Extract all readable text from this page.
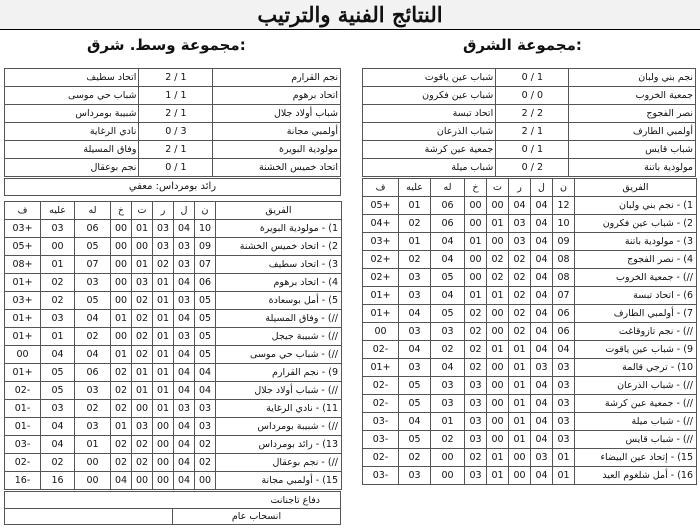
النتائج الفنية والترتيب
مجموعة وسط. شرق:	مجموعة الشرق:
نجم القرارم	1 / 2	اتحاد سطيف
اتحاد برهوم	1 / 1	شباب حي موسى
شباب أولاد جلال	1 / 2	شبيبة بومرداس
أولمبي مجانة	3 / 0	نادي الرغاية
مولودية البويرة	1 / 2	وفاق المسيلة
اتحاد خميس الخشنة	1 / 0	نجم بوعقال
نجم بني ولبان	1 / 0	شباب عين ياقوت
جمعية الخروب	0 / 0	شباب عين فكرون
نصر الفجوج	2 / 2	اتحاد تبسة
أولمبي الطارف	1 / 2	شباب الذرعان
شباب قايس	1 / 0	جمعية عين كرشة
مولودية باتنة	2 / 0	شباب ميلة
رائد بومرداس: معفي
الفريق	ن	ل	ر	ت	خ	له	عليه	ف
1) - مولودية البويرة	10	04	03	01	00	06	03	+03
2) - اتحاد خميس الخشنة	09	03	03	00	00	05	00	+05
3) - اتحاد سطيف	07	03	02	01	00	07	01	+08
4) - اتحاد برهوم	06	04	01	03	00	03	02	+01
5) - أمل بوسعادة	05	03	01	02	00	05	02	+03
//) - وفاق المسيلة	05	04	01	02	01	04	03	+01
//) - شبيبة جيجل	05	03	01	02	00	02	01	+01
//) - شباب حي موسى	05	04	01	02	01	04	04	00
9) - نجم القرارم	04	04	01	01	02	06	05	+01
//) - شباب أولاد جلال	04	04	01	01	02	03	05	-02
11) - نادي الرغاية	03	03	01	00	02	02	03	-01
//) - شبيبة بومرداس	03	04	00	03	01	03	04	-01
13) - رائد بومرداس	02	04	00	02	02	01	04	-03
//) - نجم بوعقال	02	04	00	02	02	00	02	-02
15) - أولمبي مجانة	00	04	00	00	04	00	16	-16
الفريق	ن	ل	ر	ت	خ	له	عليه	ف
1) - نجم بني ولبان	12	04	04	00	00	06	01	+05
2) - شباب عين فكرون	10	04	03	01	00	06	02	+04
3) - مولودية باتنة	09	04	03	00	01	04	01	+03
4) - نصر الفجوج	08	04	02	02	00	04	02	+02
//) - جمعية الخروب	08	04	02	02	00	05	03	+02
6) - اتحاد تبسة	07	04	02	01	01	04	03	+01
7) - أولمبي الطارف	06	04	02	00	02	05	04	+01
//) - نجم تازوقاغت	06	04	02	00	02	03	03	00
9) - شباب عين ياقوت	04	04	01	01	02	02	04	-02
10) - ترجي قالمة	03	03	01	00	02	04	03	+01
//) - شباب الذرعان	03	04	01	00	03	03	05	-02
//) - جمعية عين كرشة	03	04	01	00	03	03	05	-02
//) - شباب ميلة	03	04	01	00	03	01	04	-03
//) - شباب قايس	03	04	01	00	03	02	05	-03
15) - إتحاد عين البيضاء	01	03	00	01	02	00	02	-02
16) - أمل شلغوم العيد	01	04	00	01	03	00	03	-03
دفاع تاجنانت
انسحاب عام
